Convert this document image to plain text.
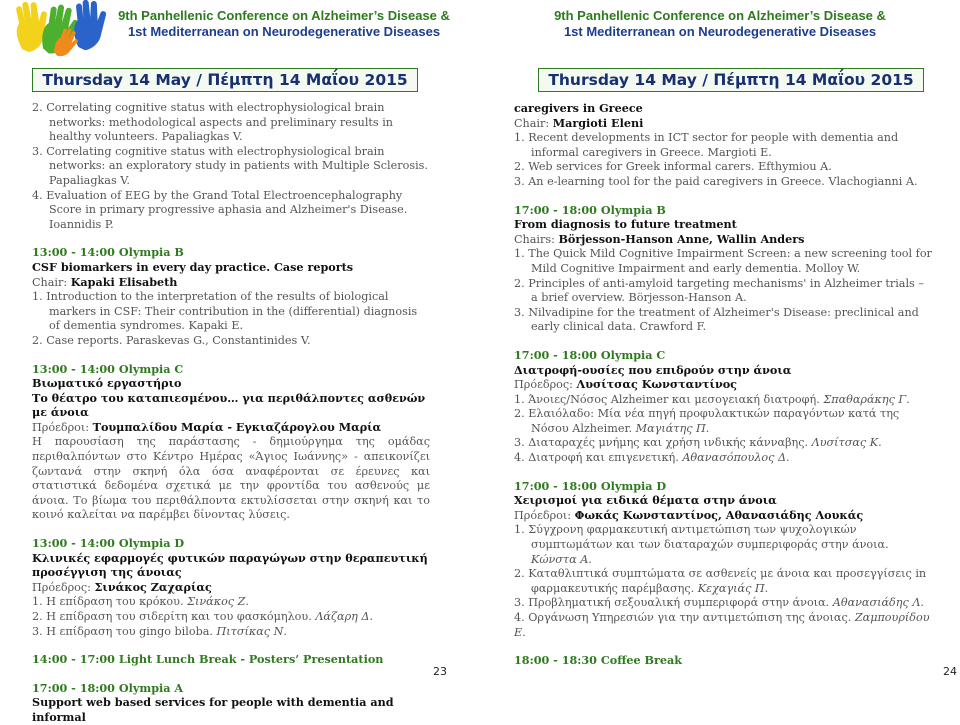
9th Panhellenic Conference on Alzheimer’s Disease &
1st Mediterranean on Neurodegenerative Diseases
Thursday 14 May / Πέμπτη 14 Μαΐου 2015

2. Correlating cognitive status with electrophysiological brain networks: methodological aspects and preliminary results in healthy volunteers. Papaliagkas V.

3. Correlating cognitive status with electrophysiological brain networks: an exploratory study in patients with Multiple Sclerosis. Papaliagkas V.

4. Evaluation of EEG by the Grand Total Electroencephalography Score in primary progressive aphasia and Alzheimer's Disease. Ioannidis P.

13:00 - 14:00 Olympia B

CSF biomarkers in every day practice. Case reports

Chair: Kapaki Elisabeth

1. Introduction to the interpretation of the results of biological markers in CSF: Their contribution in the (differential) diagnosis of dementia syndromes. Kapaki E.

2. Case reports. Paraskevas G., Constantinides V.

13:00 - 14:00 Olympia C

Βιωματικό εργαστήριο

Το θέατρο του καταπιεσμένου… για περιθάλποντες ασθενών με άνοια

Πρόεδροι: Τουμπαλίδου Μαρία - Εγκιαζάρογλου Μαρία

Η παρουσίαση της παράστασης - δημιούργημα της ομάδας περιθαλπόντων στο Κέντρο Ημέρας «Άγιος Ιωάννης» - απεικονίζει ζωντανά στην σκηνή όλα όσα αναφέρονται σε έρευνες και στατιστικά δεδομένα σχετικά με την φροντίδα του ασθενούς με άνοια. Το βίωμα του περιθάλποντα εκτυλίσσεται στην σκηνή και το κοινό καλείται να παρέμβει δίνοντας λύσεις.

13:00 - 14:00 Olympia D

Κλινικές εφαρμογές φυτικών παραγώγων στην θεραπευτική προσέγγιση της άνοιας

Πρόεδρος: Σινάκος Ζαχαρίας

1. Η επίδραση του κρόκου. Σινάκος Ζ.

2. Η επίδραση του σιδερίτη και του φασκόμηλου. Λάζαρη Δ.

3. Η επίδραση του gingo biloba. Πιτσίκας Ν.

14:00 - 17:00 Light Lunch Break - Posters’ Presentation

17:00 - 18:00 Olympia A

Support web based services for people with dementia and informal

23
9th Panhellenic Conference on Alzheimer’s Disease &
1st Mediterranean on Neurodegenerative Diseases
Thursday 14 May / Πέμπτη 14 Μαΐου 2015

caregivers in Greece

Chair: Margioti Eleni

1. Recent developments in ICT sector for people with dementia and informal caregivers in Greece. Margioti E.

2. Web services for Greek informal carers. Efthymiou A.

3. An e-learning tool for the paid caregivers in Greece. Vlachogianni A.

17:00 - 18:00 Olympia B

From diagnosis to future treatment

Chairs: Börjesson-Hanson Anne, Wallin Anders

1. The Quick Mild Cognitive Impairment Screen: a new screening tool for Mild Cognitive Impairment and early dementia. Molloy W.

2. Principles of anti-amyloid targeting mechanisms' in Alzheimer trials – a brief overview. Börjesson-Hanson A.

3. Nilvadipine for the treatment of Alzheimer's Disease: preclinical and early clinical data. Crawford F.

17:00 - 18:00 Olympia C

Διατροφή-ουσίες που επιδρούν στην άνοια

Πρόεδρος: Λυσίτσας Κωνσταντίνος

1. Άνοιες/Νόσος Alzheimer και μεσογειακή διατροφή. Σπαθαράκης Γ.

2. Ελαιόλαδο: Μία νέα πηγή προφυλακτικών παραγόντων κατά της Νόσου Alzheimer. Μαγιάτης Π.

3. Διαταραχές μνήμης και χρήση ινδικής κάνναβης. Λυσίτσας Κ.

4. Διατροφή και επιγενετική. Αθανασόπουλος Δ.

17:00 - 18:00 Olympia D

Χειρισμοί για ειδικά θέματα στην άνοια

Πρόεδροι: Φωκάς Κωνσταντίνος, Αθανασιάδης Λουκάς

1. Σύγχρονη φαρμακευτική αντιμετώπιση των ψυχολογικών συμπτωμάτων και των διαταραχών συμπεριφοράς στην άνοια. Κώνστα Α.

2. Καταθλιπτικά συμπτώματα σε ασθενείς με άνοια και προσεγγίσεις in φαρμακευτικής παρέμβασης. Κεχαγιάς Π.

3. Προβληματική σεξουαλική συμπεριφορά στην άνοια. Αθανασιάδης Λ.

4. Οργάνωση Υπηρεσιών για την αντιμετώπιση της άνοιας. Ζαμπουρίδου Ε.

18:00 - 18:30 Coffee Break

24
